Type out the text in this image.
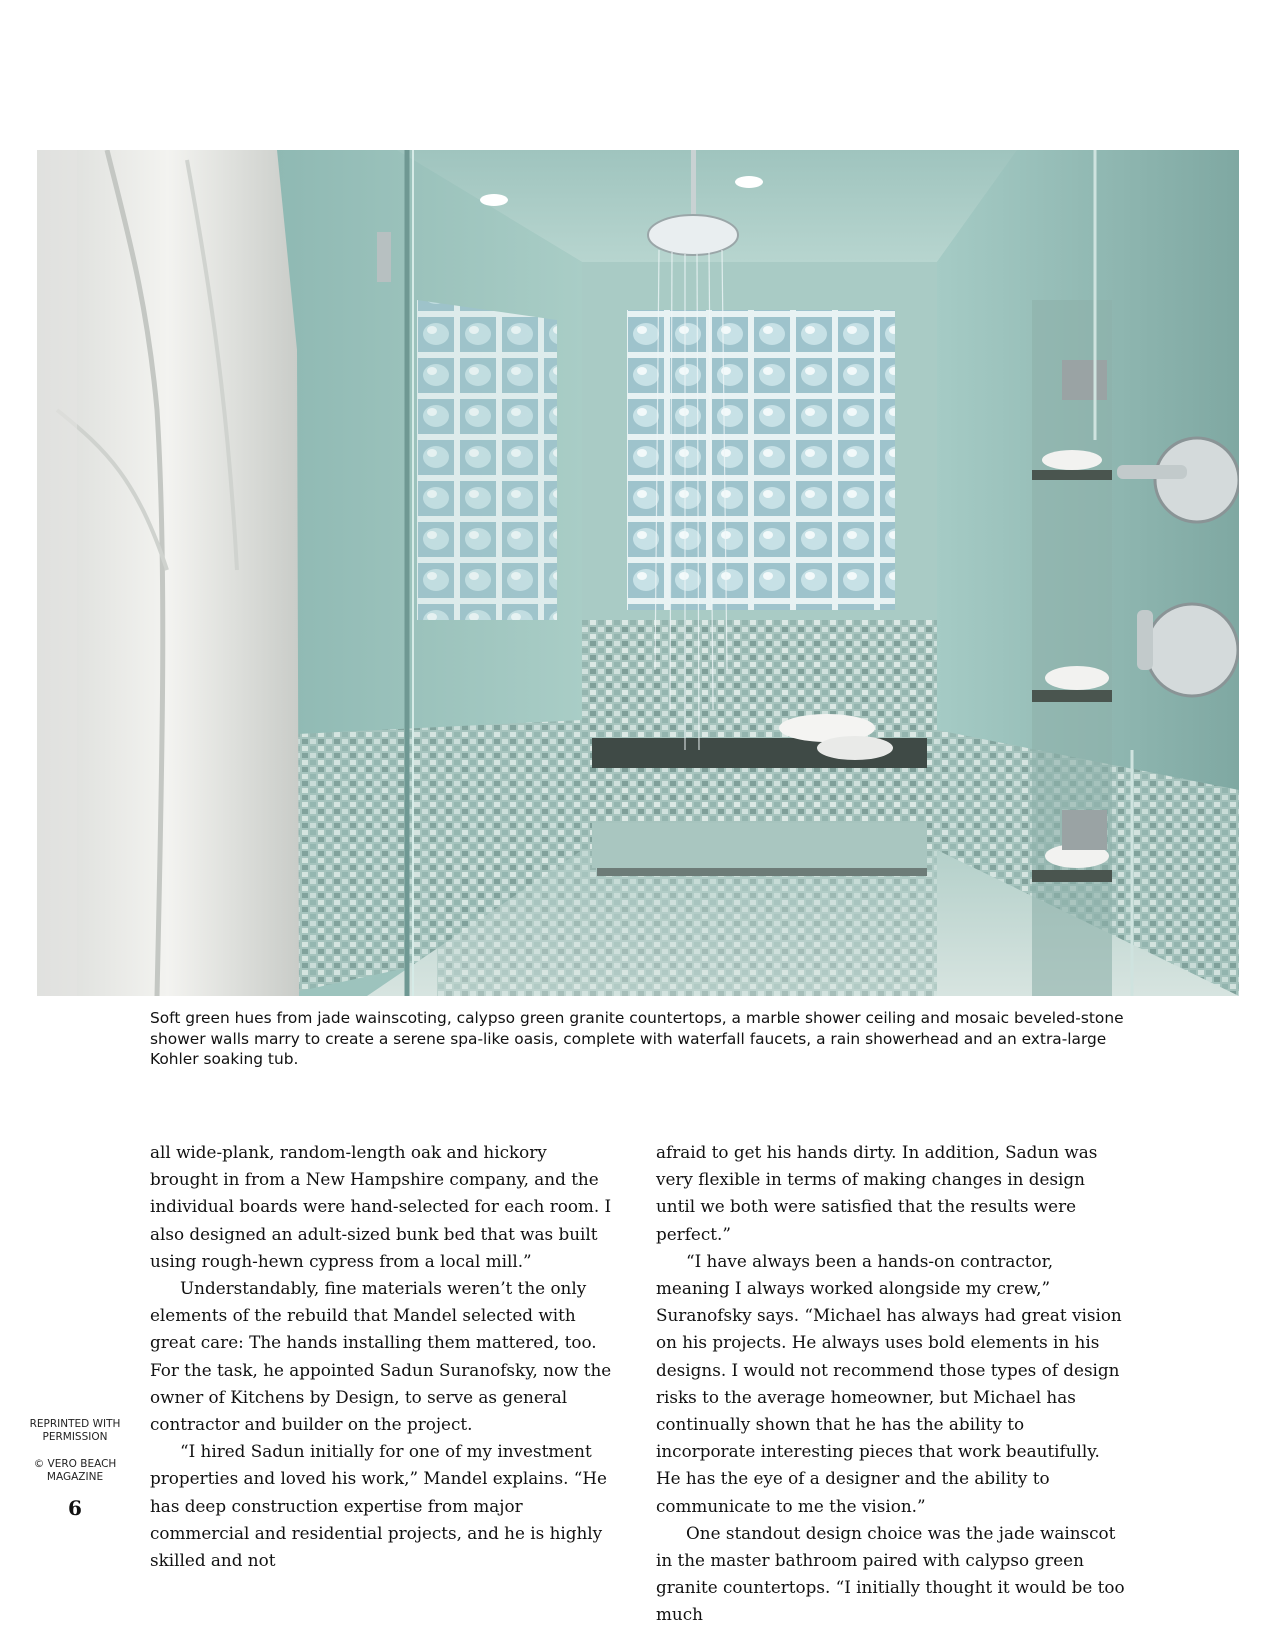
Soft green hues from jade wainscoting, calypso green granite countertops, a marble shower ceiling and mosaic beveled-stone shower walls marry to create a serene spa-like oasis, complete with waterfall faucets, a rain showerhead and an extra-large Kohler soaking tub.

all wide-plank, random-length oak and hickory brought in from a New Hampshire company, and the individual boards were hand-selected for each room. I also designed an adult-sized bunk bed that was built using rough-hewn cypress from a local mill.”

Understandably, fine materials weren’t the only elements of the rebuild that Mandel selected with great care: The hands installing them mattered, too. For the task, he appointed Sadun Suranofsky, now the owner of Kitchens by Design, to serve as general contractor and builder on the project.

“I hired Sadun initially for one of my investment properties and loved his work,” Mandel explains. “He has deep construction expertise from major commercial and residential projects, and he is highly skilled and not

afraid to get his hands dirty. In addition, Sadun was very flexible in terms of making changes in design until we both were satisfied that the results were perfect.”

“I have always been a hands-on contractor, meaning I always worked alongside my crew,” Suranofsky says. “Michael has always had great vision on his projects. He always uses bold elements in his designs. I would not recommend those types of design risks to the average homeowner, but Michael has continually shown that he has the ability to incorporate interesting pieces that work beautifully. He has the eye of a designer and the ability to communicate to me the vision.”

One standout design choice was the jade wainscot in the master bathroom paired with calypso green granite countertops. “I initially thought it would be too much

REPRINTED WITH PERMISSION
© VERO BEACH MAGAZINE
6
